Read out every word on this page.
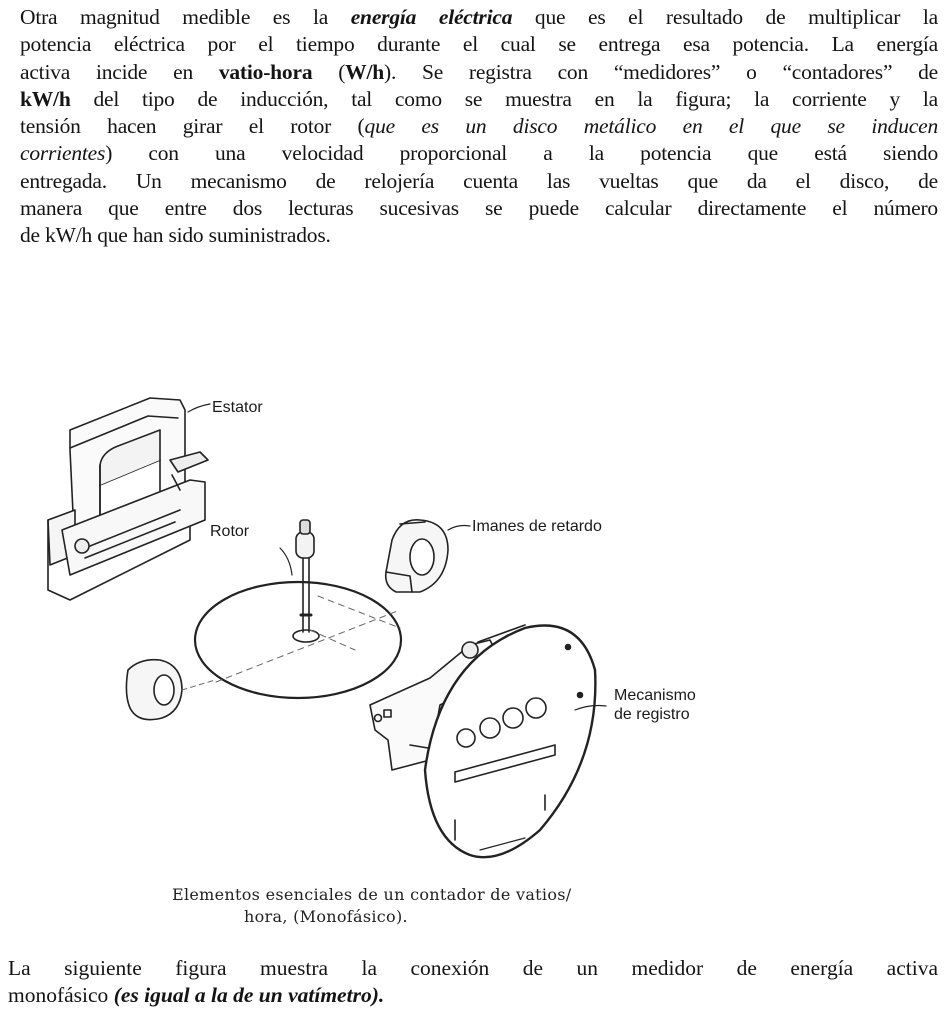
Otra magnitud medible es la energía eléctrica que es el resultado de multiplicar la
potencia eléctrica por el tiempo durante el cual se entrega esa potencia. La energía
activa incide en vatio-hora (W/h). Se registra con “medidores” o “contadores” de
kW/h del tipo de inducción, tal como se muestra en la figura; la corriente y la
tensión hacen girar el rotor (que es un disco metálico en el que se inducen
corrientes) con una velocidad proporcional a la potencia que está siendo
entregada. Un mecanismo de relojería cuenta las vueltas que da el disco, de
manera que entre dos lecturas sucesivas se puede calcular directamente el número
de kW/h que han sido suministrados.
Estator
Rotor	Imanes de retardo
Mecanismo
de registro
Elementos esenciales de un contador de vatios/
hora, (Monofásico).
La siguiente figura muestra la conexión de un medidor de energía activa
monofásico (es igual a la de un vatímetro).
